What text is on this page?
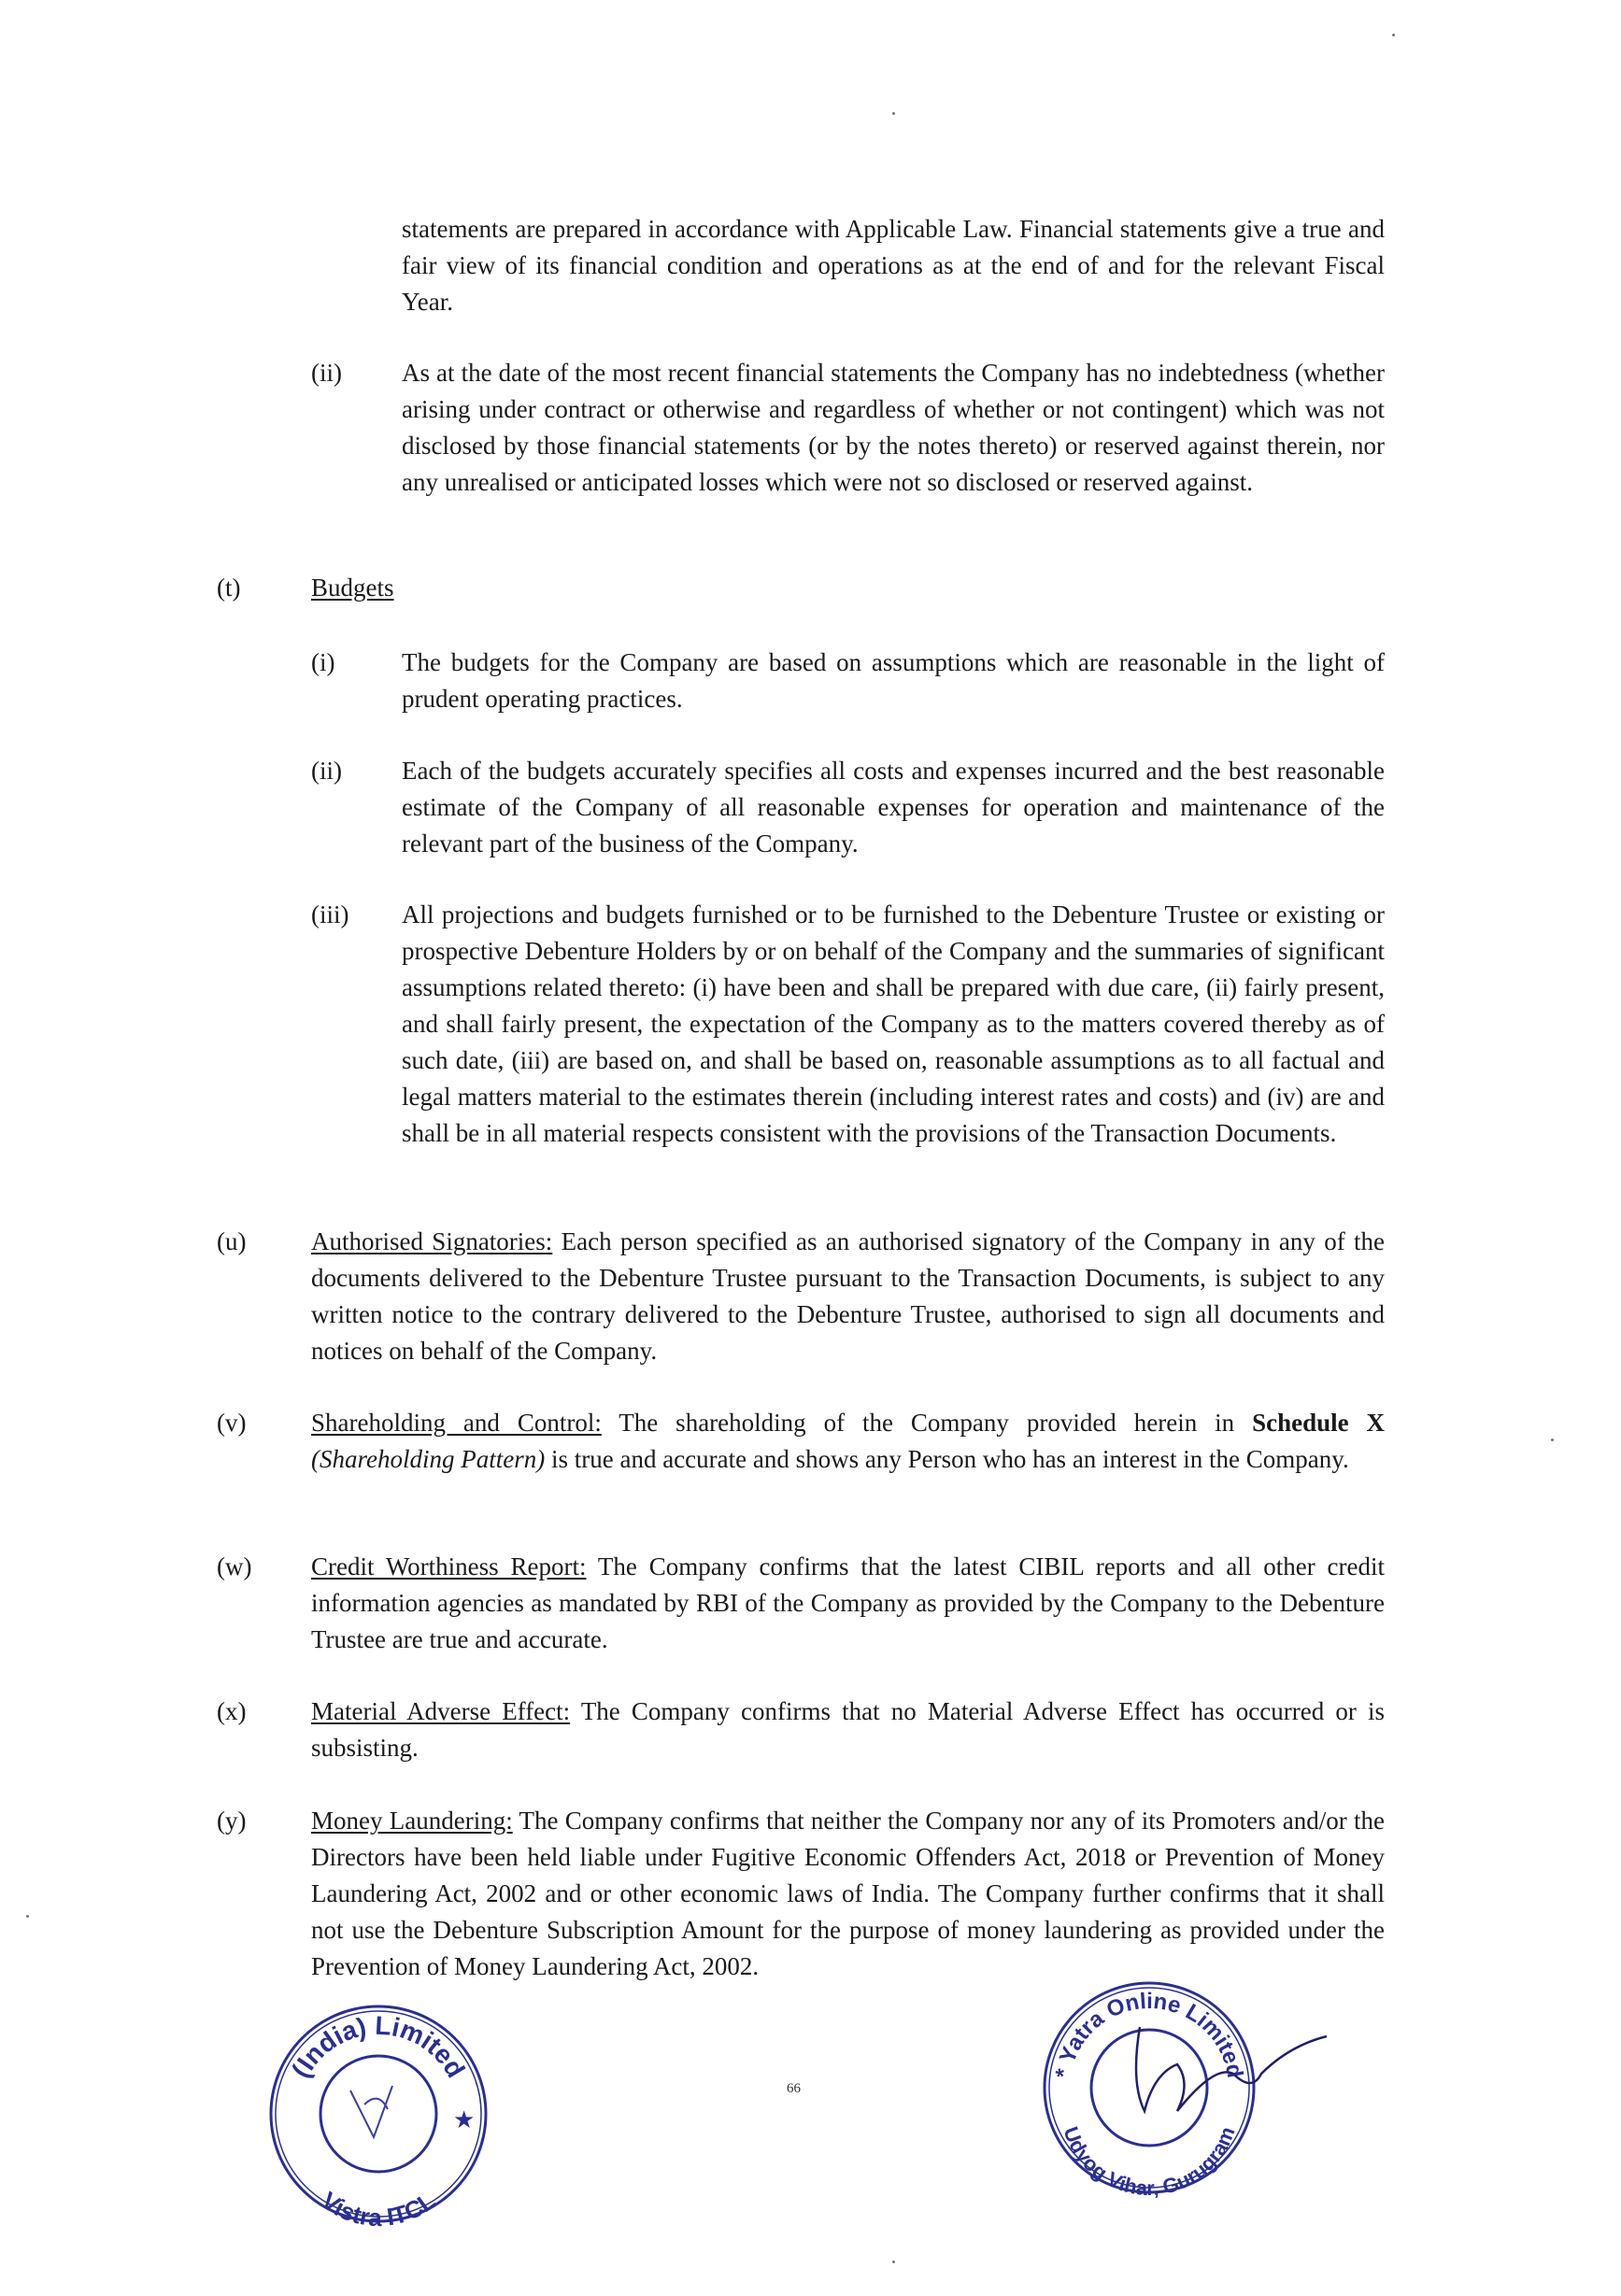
statements are prepared in accordance with Applicable Law. Financial statements give a true and fair view of its financial condition and operations as at the end of and for the relevant Fiscal Year.
(ii) As at the date of the most recent financial statements the Company has no indebtedness (whether arising under contract or otherwise and regardless of whether or not contingent) which was not disclosed by those financial statements (or by the notes thereto) or reserved against therein, nor any unrealised or anticipated losses which were not so disclosed or reserved against.
(t)	Budgets
(i)	The budgets for the Company are based on assumptions which are reasonable in the light of prudent operating practices.
(ii) Each of the budgets accurately specifies all costs and expenses incurred and the best reasonable estimate of the Company of all reasonable expenses for operation and maintenance of the relevant part of the business of the Company.
(iii) All projections and budgets furnished or to be furnished to the Debenture Trustee or existing or prospective Debenture Holders by or on behalf of the Company and the summaries of significant assumptions related thereto: (i) have been and shall be prepared with due care, (ii) fairly present, and shall fairly present, the expectation of the Company as to the matters covered thereby as of such date, (iii) are based on, and shall be based on, reasonable assumptions as to all factual and legal matters material to the estimates therein (including interest rates and costs) and (iv) are and shall be in all material respects consistent with the provisions of the Transaction Documents.
(u)	Authorised Signatories: Each person specified as an authorised signatory of the Company in any of the documents delivered to the Debenture Trustee pursuant to the Transaction Documents, is subject to any written notice to the contrary delivered to the Debenture Trustee, authorised to sign all documents and notices on behalf of the Company.
(v)	Shareholding and Control: The shareholding of the Company provided herein in Schedule X (Shareholding Pattern) is true and accurate and shows any Person who has an interest in the Company.
(w) Credit Worthiness Report: The Company confirms that the latest CIBIL reports and all other credit information agencies as mandated by RBI of the Company as provided by the Company to the Debenture Trustee are true and accurate.
(x)	Material Adverse Effect: The Company confirms that no Material Adverse Effect has occurred or is subsisting.
(y)	Money Laundering: The Company confirms that neither the Company nor any of its Promoters and/or the Directors have been held liable under Fugitive Economic Offenders Act, 2018 or Prevention of Money Laundering Act, 2002 and or other economic laws of India. The Company further confirms that it shall not use the Debenture Subscription Amount for the purpose of money laundering as provided under the Prevention of Money Laundering Act, 2002.
66
(India) Limited
Vistra ITCL
★
* Yatra Online Limited
Udyog Vihar, Gurugram
